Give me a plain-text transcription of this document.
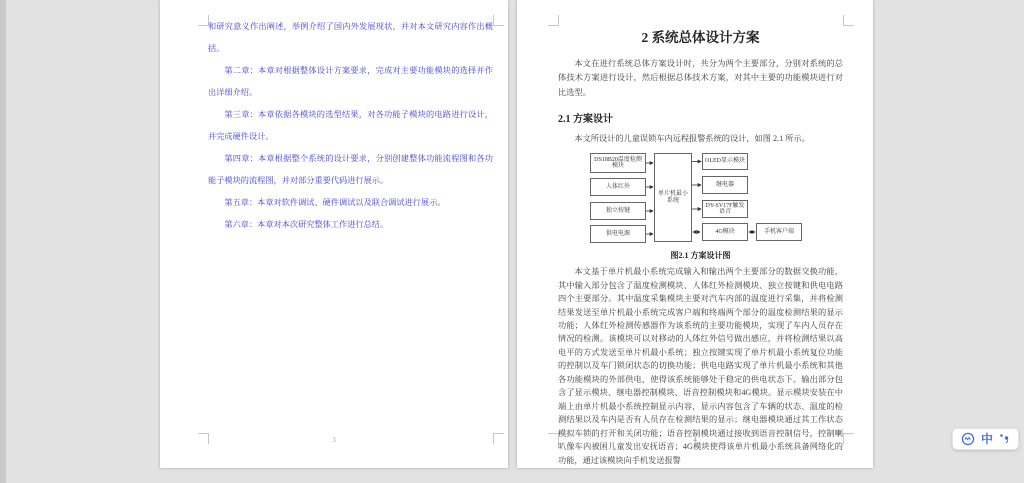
和研究意义作出阐述，举例介绍了国内外发展现状，并对本文研究内容作出概括。

第二章：本章对根据整体设计方案要求，完成对主要功能模块的选择并作出详细介绍。

第三章：本章依据各模块的选型结果，对各功能子模块的电路进行设计，并完成硬件设计。

第四章：本章根据整个系统的设计要求，分别创建整体功能流程图和各功能子模块的流程图，并对部分重要代码进行展示。

第五章：本章对软件调试、硬件调试以及联合调试进行展示。

第六章：本章对本次研究整体工作进行总结。

3
2 系统总体设计方案

本文在进行系统总体方案设计时，共分为两个主要部分，分别对系统的总体技术方案进行设计，然后根据总体技术方案，对其中主要的功能模块进行对比选型。

2.1 方案设计

本文所设计的儿童误锁车内远程报警系统的设计，如图 2.1 所示。

DS18B20温度检测模块
人体红外
独立按键
供电电源
单片机最小系统
OLED显示模块
继电器
DY-SV17F触发语音
4G模块	手机客户端

图2.1 方案设计图

本文基于单片机最小系统完成输入和输出两个主要部分的数据交换功能，其中输入部分包含了温度检测模块、人体红外检测模块、独立按键和供电电路四个主要部分。其中温度采集模块主要对汽车内部的温度进行采集，并将检测结果发送至单片机最小系统完成客户端和终端两个部分的温度检测结果的显示功能；人体红外检测传感器作为该系统的主要功能模块，实现了车内人员存在情况的检测。该模块可以对移动的人体红外信号做出感应，并将检测结果以高电平的方式发送至单片机最小系统；独立按键实现了单片机最小系统复位功能的控制以及车门锁闭状态的切换功能；供电电路实现了单片机最小系统和其他各功能模块的外部供电，使得该系统能够处于稳定的供电状态下。输出部分包含了显示模块、继电器控制模块、语音控制模块和4G模块。显示模块安装在中端上由单片机最小系统控制显示内容，显示内容包含了车辆的状态、温度的检测结果以及车内是否有人员存在检测结果的显示；继电器模块通过其工作状态模拟车锁的打开和关闭功能；语音控制模块通过接收到语音控制信号，控制喇叭像车内被困儿童发出安抚语音；4G模块使得该单片机最小系统具备网络化的功能，通过该模块向手机发送报警

4	中
